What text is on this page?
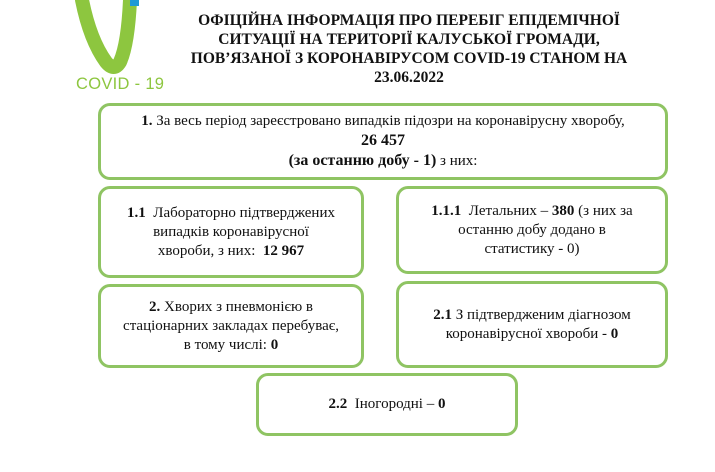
COVID - 19
ОФІЦІЙНА ІНФОРМАЦІЯ ПРО ПЕРЕБІГ ЕПІДЕМІЧНОЇ
СИТУАЦІЇ НА ТЕРИТОРІЇ КАЛУСЬКОЇ ГРОМАДИ,
ПОВ’ЯЗАНОЇ З КОРОНАВІРУСОМ COVID-19 СТАНОМ НА
23.06.2022
1. За весь період зареєстровано випадків підозри на коронавірусну хворобу,
26 457
(за останню добу - 1) з них:
1.1 Лабораторно підтверджених
випадків коронавірусної
хвороби, з них: 12 967
1.1.1 Летальних – 380 (з них за
останню добу додано в
статистику - 0)
2. Хворих з пневмонією в
стаціонарних закладах перебуває,
в тому числі: 0
2.1 З підтвердженим діагнозом
коронавірусної хвороби - 0
2.2 Іногородні – 0
